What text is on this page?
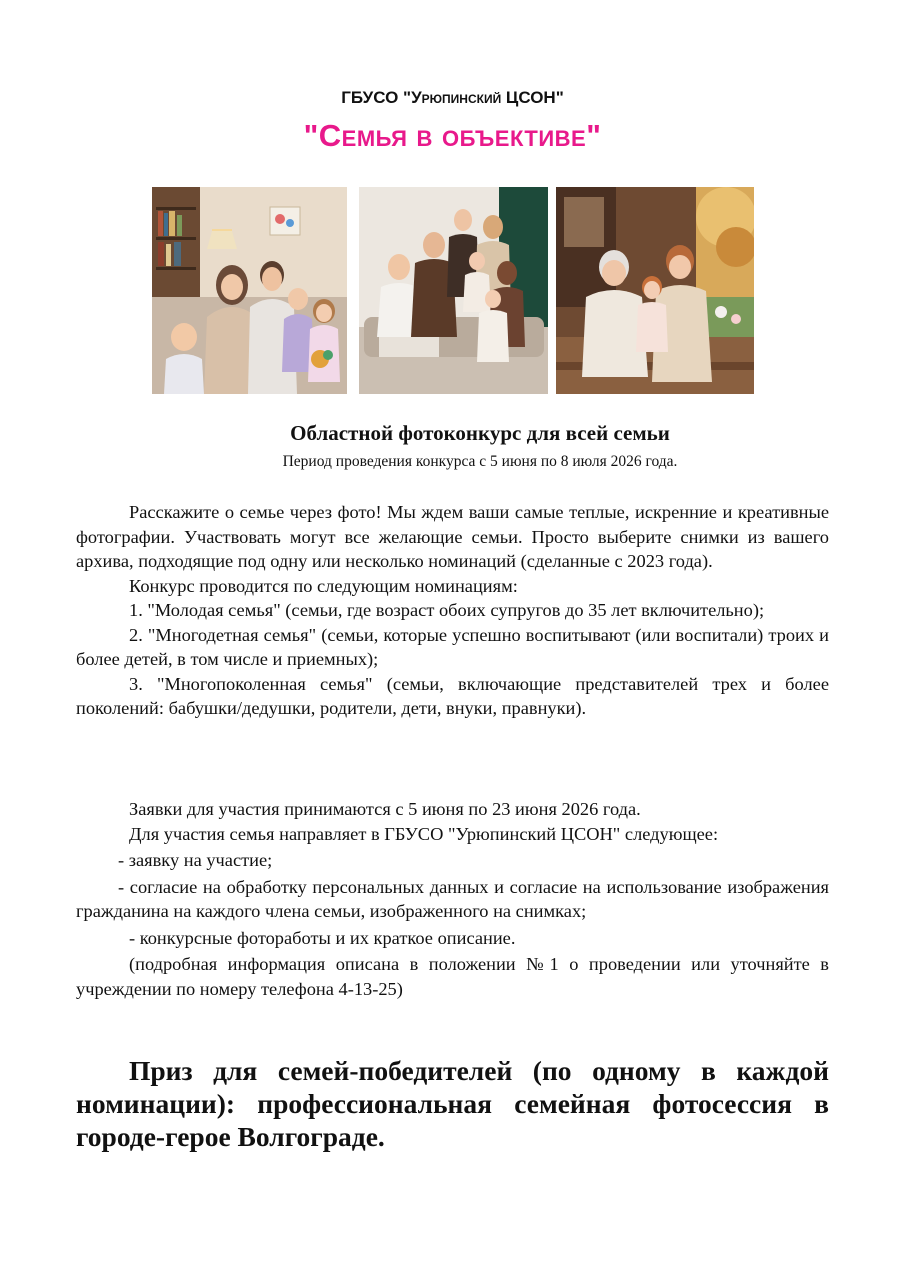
ГБУСО "Урюпинский ЦСОН"
"Семья в объективе"
Областной фотоконкурс для всей семьи
Период проведения конкурса с 5 июня по 8 июля 2026 года.

Расскажите о семье через фото! Мы ждем ваши самые теплые, искренние и креативные фотографии. Участвовать могут все желающие семьи. Просто выберите снимки из вашего архива, подходящие под одну или несколько номинаций (сделанные с 2023 года).

Конкурс проводится по следующим номинациям:

1. "Молодая семья" (семьи, где возраст обоих супругов до 35 лет включительно);

2. "Многодетная семья" (семьи, которые успешно воспитывают (или воспитали) троих и более детей, в том числе и приемных);

3. "Многопоколенная семья" (семьи, включающие представителей трех и более поколений: бабушки/дедушки, родители, дети, внуки, правнуки).

Заявки для участия принимаются с 5 июня по 23 июня 2026 года.

Для участия семья направляет в ГБУСО "Урюпинский ЦСОН" следующее:

- заявку на участие;

- согласие на обработку персональных данных и согласие на использование изображения гражданина на каждого члена семьи, изображенного на снимках;

- конкурсные фотоработы и их краткое описание.

(подробная информация описана в положении №1 о проведении или уточняйте в учреждении по номеру телефона 4-13-25)

Приз для семей-победителей (по одному в каждой номинации): профессиональная семейная фотосессия в городе-герое Волгограде.
